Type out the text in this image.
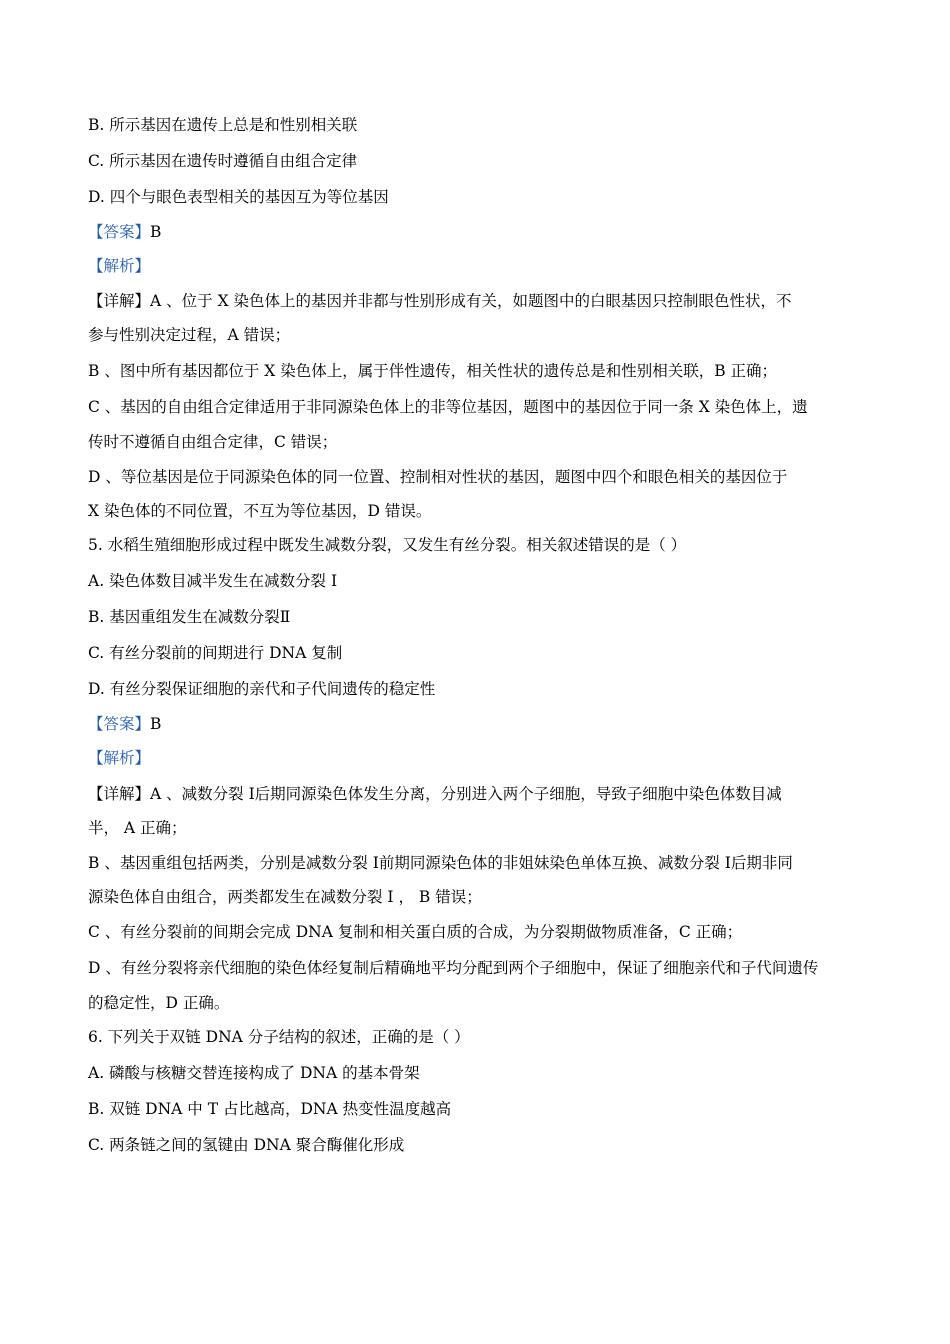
B. 所示基因在遗传上总是和性别相关联
C. 所示基因在遗传时遵循自由组合定律
D. 四个与眼色表型相关的基因互为等位基因
【答案】B
【解析】
【详解】A 、位于 X 染色体上的基因并非都与性别形成有关，如题图中的白眼基因只控制眼色性状，不
参与性别决定过程，A 错误；
B 、图中所有基因都位于 X 染色体上，属于伴性遗传，相关性状的遗传总是和性别相关联，B 正确；
C 、基因的自由组合定律适用于非同源染色体上的非等位基因，题图中的基因位于同一条 X 染色体上，遗
传时不遵循自由组合定律，C 错误；
D 、等位基因是位于同源染色体的同一位置、控制相对性状的基因，题图中四个和眼色相关的基因位于
X 染色体的不同位置，不互为等位基因，D 错误。
5. 水稻生殖细胞形成过程中既发生减数分裂，又发生有丝分裂。相关叙述错误的是（ ）
A. 染色体数目减半发生在减数分裂 Ⅰ
B. 基因重组发生在减数分裂Ⅱ
C. 有丝分裂前的间期进行 DNA 复制
D. 有丝分裂保证细胞的亲代和子代间遗传的稳定性
【答案】B
【解析】
【详解】A 、减数分裂 Ⅰ后期同源染色体发生分离，分别进入两个子细胞，导致子细胞中染色体数目减
半， A 正确；
B 、基因重组包括两类，分别是减数分裂 Ⅰ前期同源染色体的非姐妹染色单体互换、减数分裂 Ⅰ后期非同
源染色体自由组合，两类都发生在减数分裂 Ⅰ ， B 错误；
C 、有丝分裂前的间期会完成 DNA 复制和相关蛋白质的合成，为分裂期做物质准备，C 正确；
D 、有丝分裂将亲代细胞的染色体经复制后精确地平均分配到两个子细胞中，保证了细胞亲代和子代间遗传
的稳定性，D 正确。
6. 下列关于双链 DNA 分子结构的叙述，正确的是（ ）
A. 磷酸与核糖交替连接构成了 DNA 的基本骨架
B. 双链 DNA 中 T 占比越高，DNA 热变性温度越高
C. 两条链之间的氢键由 DNA 聚合酶催化形成
